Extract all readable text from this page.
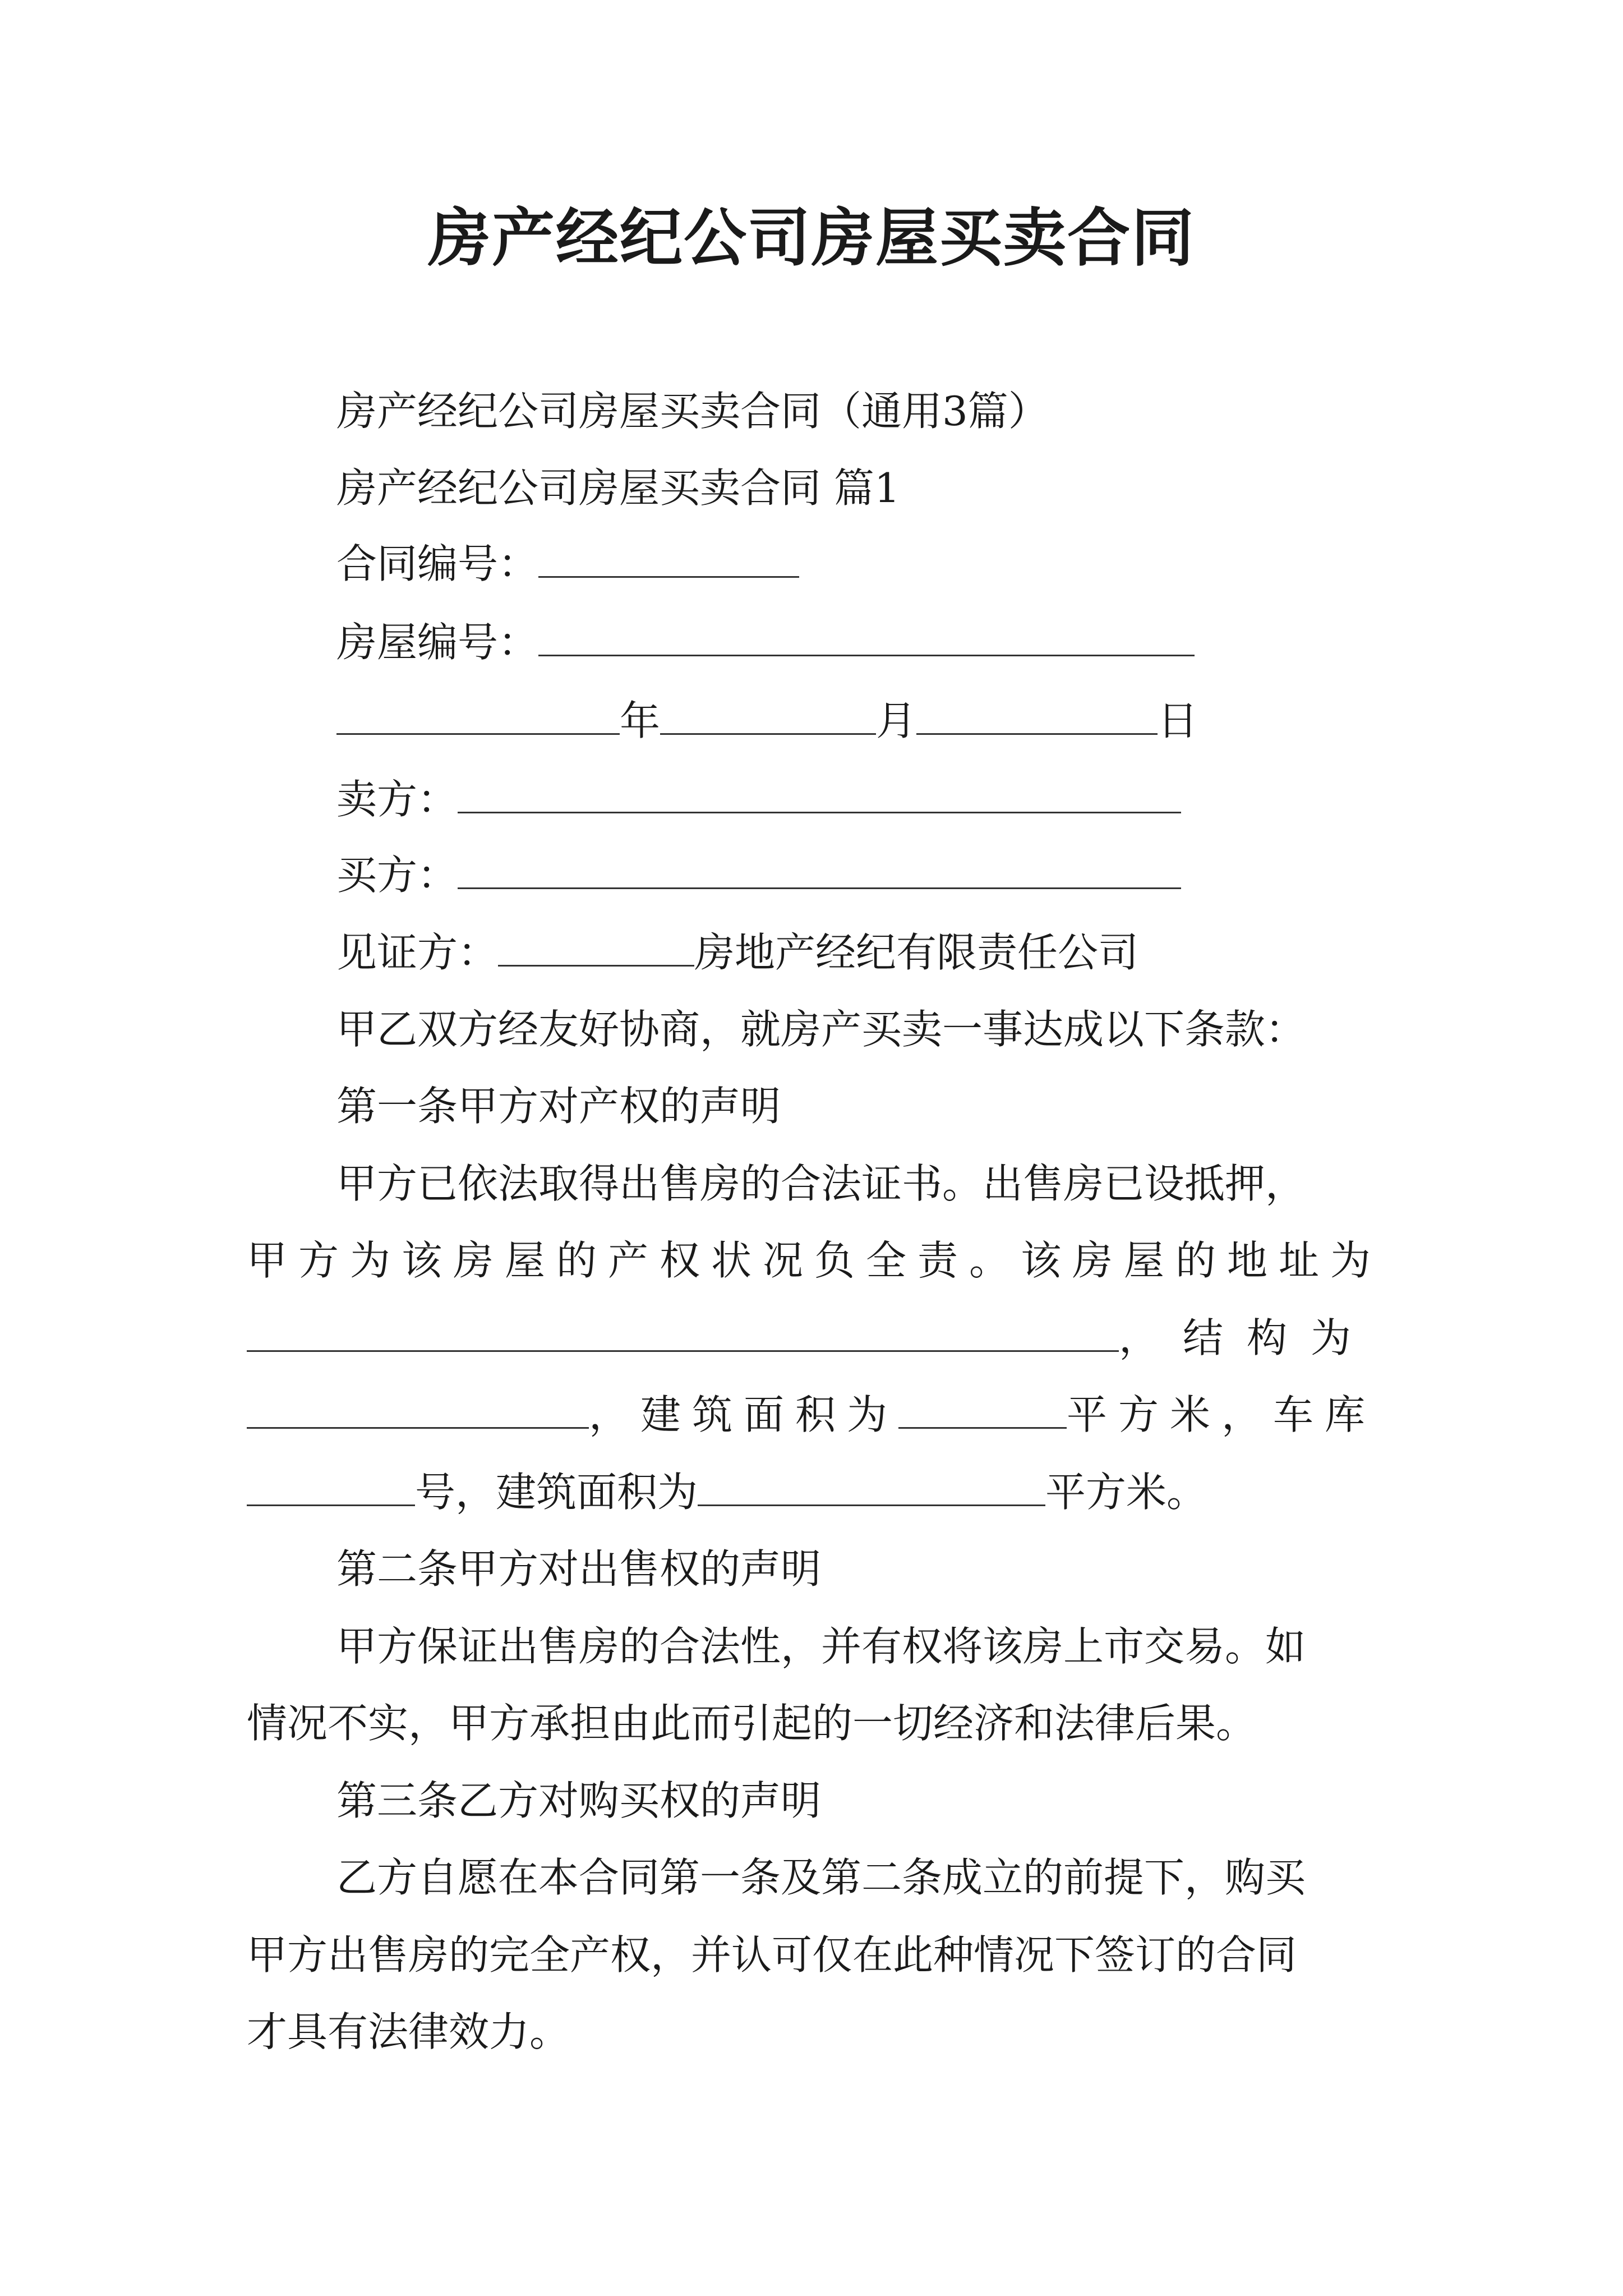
房产经纪公司房屋买卖合同
房产经纪公司房屋买卖合同（通用3篇）
房产经纪公司房屋买卖合同 篇1
合同编号：
房屋编号：
年	月	日
卖方：
买方：
见证方：	房地产经纪有限责任公司
甲乙双方经友好协商，就房产买卖一事达成以下条款：
第一条甲方对产权的声明
甲方已依法取得出售房的合法证书。出售房已设抵押，
甲方为该房屋的产权状况负全责。该房屋的地址为
，结构为
，建筑面积为	平方米，车库
号，建筑面积为	平方米。
第二条甲方对出售权的声明
甲方保证出售房的合法性，并有权将该房上市交易。如
情况不实，甲方承担由此而引起的一切经济和法律后果。
第三条乙方对购买权的声明
乙方自愿在本合同第一条及第二条成立的前提下，购买
甲方出售房的完全产权，并认可仅在此种情况下签订的合同
才具有法律效力。
